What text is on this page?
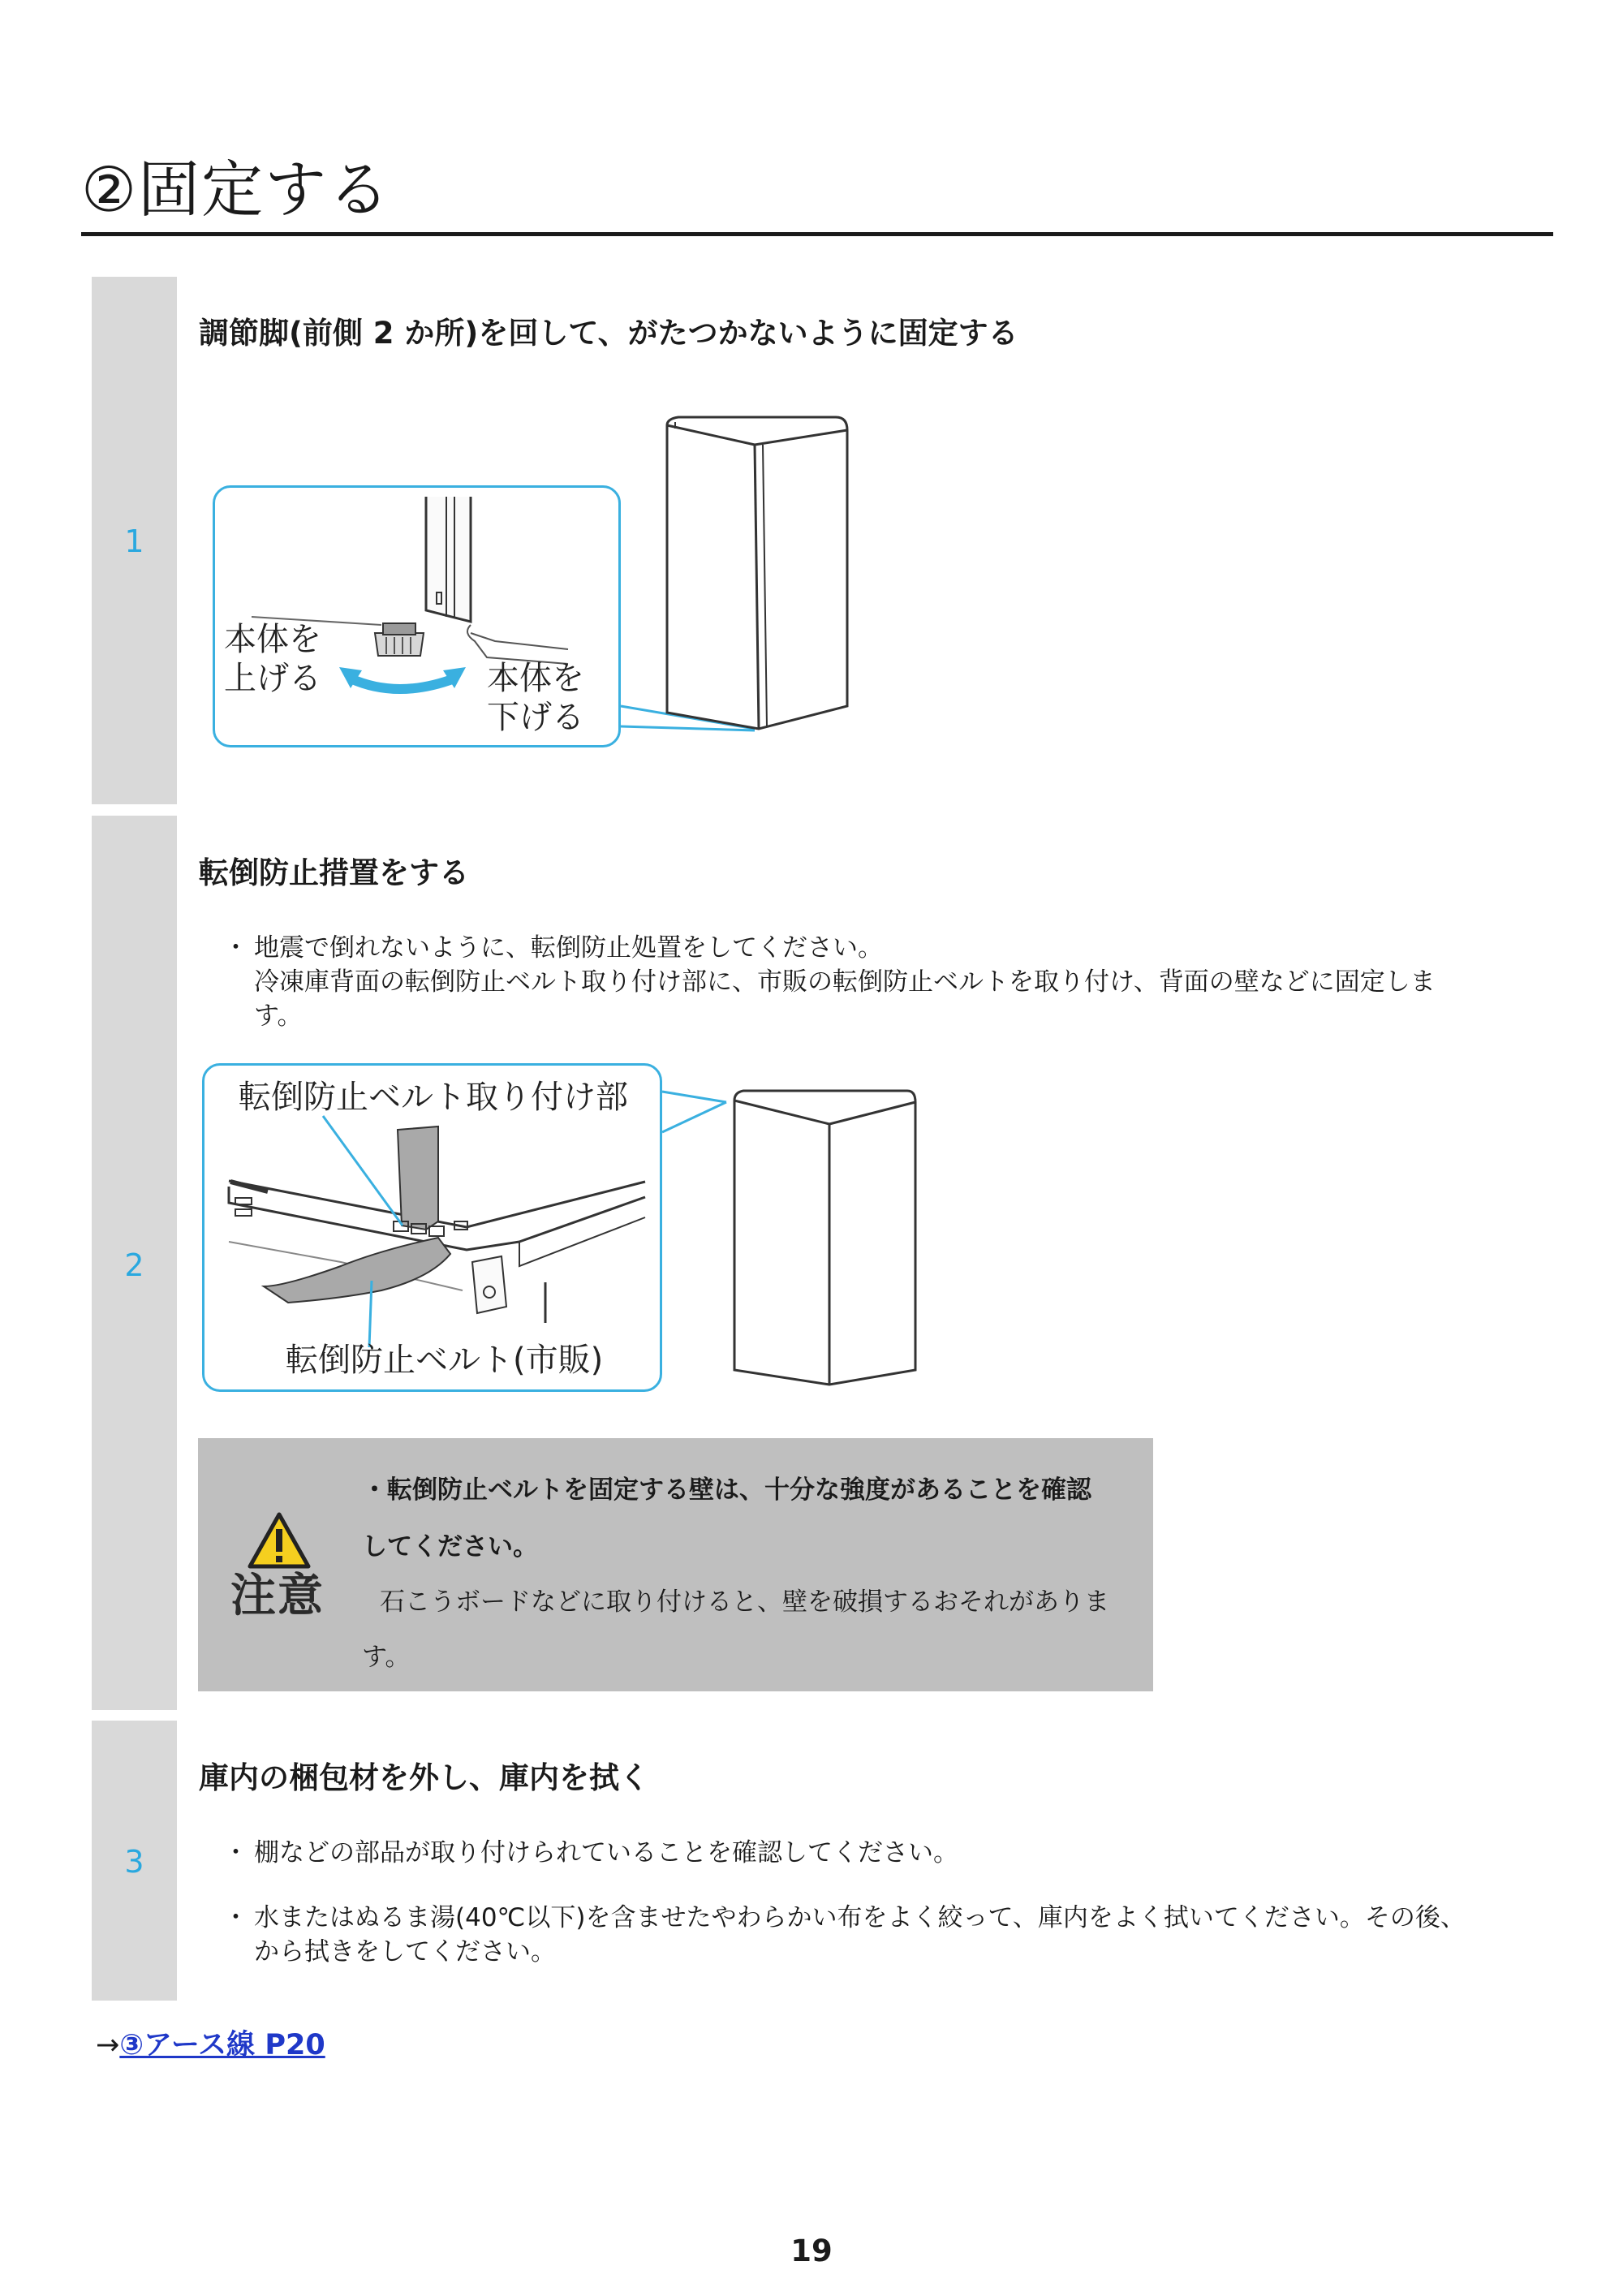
②固定する
1
調節脚(前側 2 か所)を回して、がたつかないように固定する
本体を
上げる	本体を
下げる
2
転倒防止措置をする
・ 地震で倒れないように、転倒防止処置をしてください。
冷凍庫背面の転倒防止ベルト取り付け部に、市販の転倒防止ベルトを取り付け、背面の壁などに固定しま
す。
転倒防止ベルト取り付け部
転倒防止ベルト(市販)
注意
・転倒防止ベルトを固定する壁は、十分な強度があることを確認
してください。
石こうボードなどに取り付けると、壁を破損するおそれがありま
す。
3
庫内の梱包材を外し、庫内を拭く
・ 棚などの部品が取り付けられていることを確認してください。
・ 水またはぬるま湯(40℃以下)を含ませたやわらかい布をよく絞って、庫内をよく拭いてください。その後、
から拭きをしてください。
→③アース線 P20
19
